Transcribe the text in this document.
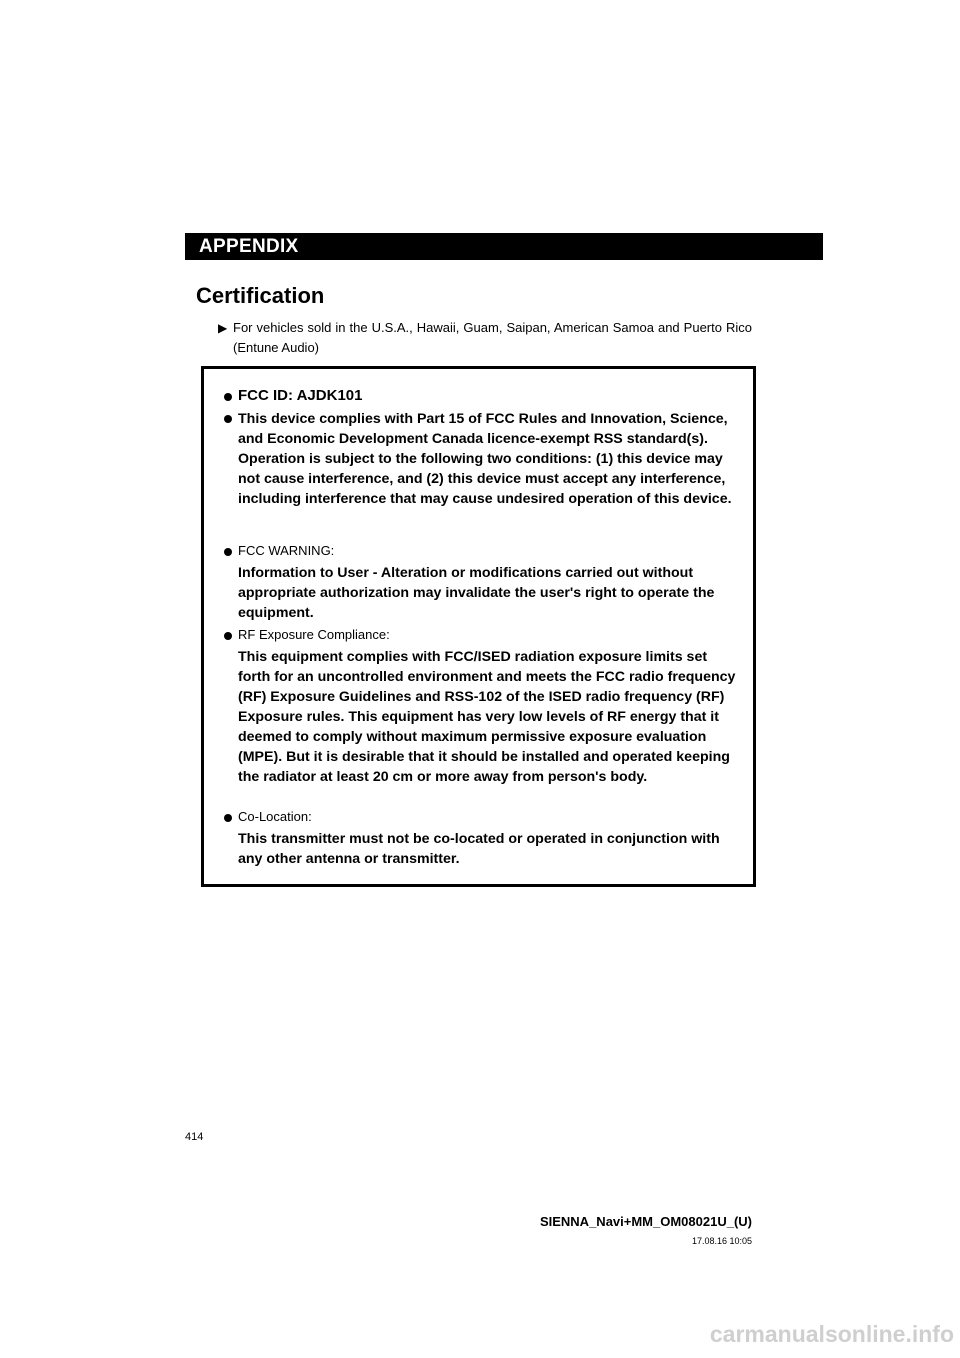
APPENDIX
Certification
▶ For vehicles sold in the U.S.A., Hawaii, Guam, Saipan, American Samoa and Puerto Rico (Entune Audio)
FCC ID: AJDK101
This device complies with Part 15 of FCC Rules and Innovation, Science, and Economic Development Canada licence-exempt RSS standard(s). Operation is subject to the following two conditions: (1) this device may not cause interference, and (2) this device must accept any interference, including interference that may cause undesired operation of this device.
FCC WARNING:
Information to User - Alteration or modifications carried out without appropriate authorization may invalidate the user's right to operate the equipment.
RF Exposure Compliance:
This equipment complies with FCC/ISED radiation exposure limits set forth for an uncontrolled environment and meets the FCC radio frequency (RF) Exposure Guidelines and RSS-102 of the ISED radio frequency (RF) Exposure rules. This equipment has very low levels of RF energy that it deemed to comply without maximum permissive exposure evaluation (MPE). But it is desirable that it should be installed and operated keeping the radiator at least 20 cm or more away from person's body.
Co-Location:
This transmitter must not be co-located or operated in conjunction with any other antenna or transmitter.
414
SIENNA_Navi+MM_OM08021U_(U)
17.08.16 10:05
carmanualsonline.info
